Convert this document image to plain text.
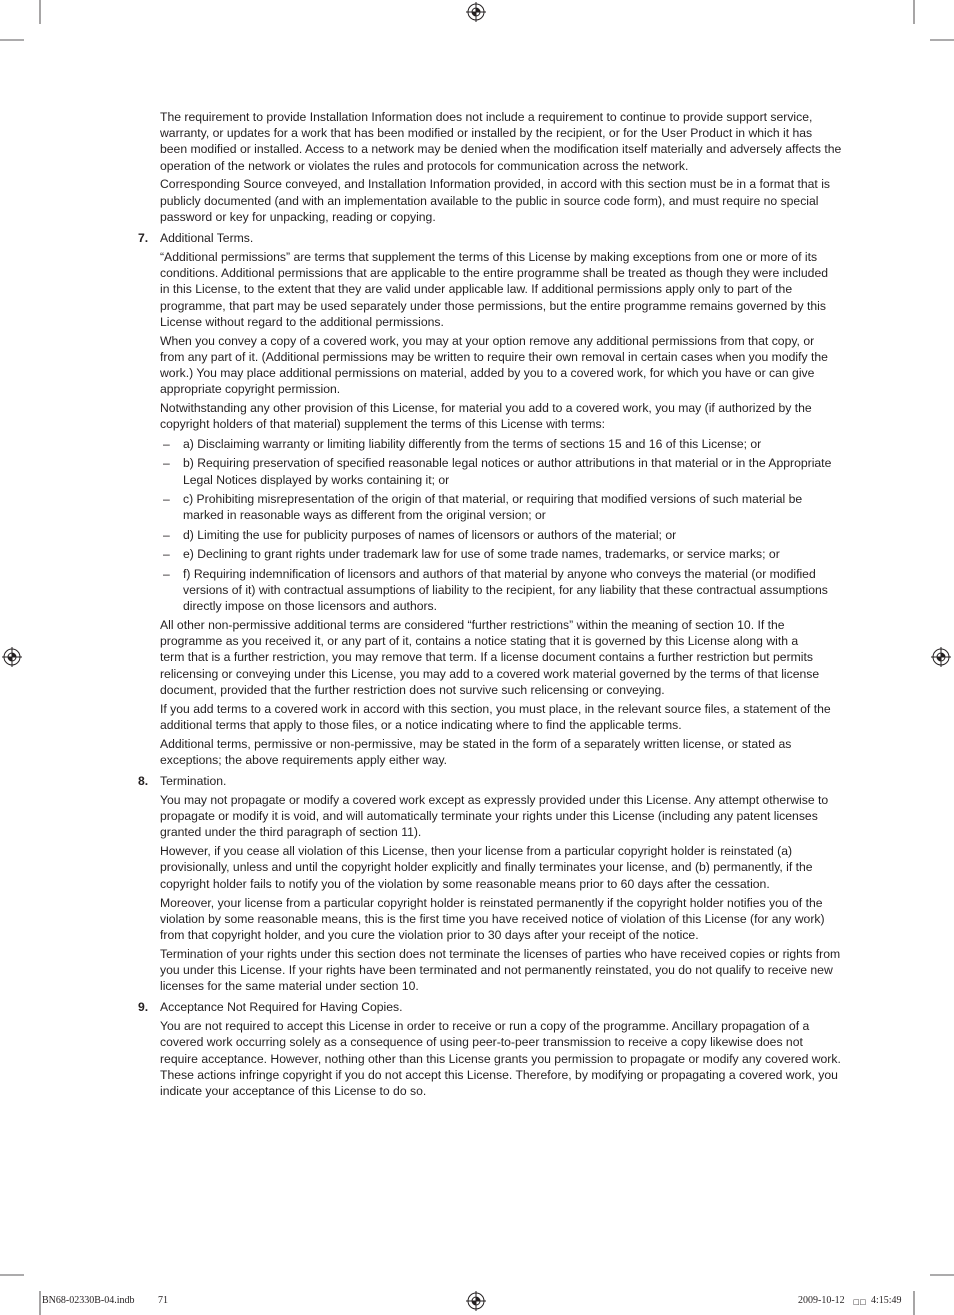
The requirement to provide Installation Information does not include a requirement to continue to provide support service,
warranty, or updates for a work that has been modified or installed by the recipient, or for the User Product in which it has
been modified or installed. Access to a network may be denied when the modification itself materially and adversely affects the
operation of the network or violates the rules and protocols for communication across the network.

Corresponding Source conveyed, and Installation Information provided, in accord with this section must be in a format that is
publicly documented (and with an implementation available to the public in source code form), and must require no special
password or key for unpacking, reading or copying.

7. Additional Terms.

“Additional permissions” are terms that supplement the terms of this License by making exceptions from one or more of its
conditions. Additional permissions that are applicable to the entire programme shall be treated as though they were included
in this License, to the extent that they are valid under applicable law. If additional permissions apply only to part of the
programme, that part may be used separately under those permissions, but the entire programme remains governed by this
License without regard to the additional permissions.

When you convey a copy of a covered work, you may at your option remove any additional permissions from that copy, or
from any part of it. (Additional permissions may be written to require their own removal in certain cases when you modify the
work.) You may place additional permissions on material, added by you to a covered work, for which you have or can give
appropriate copyright permission.

Notwithstanding any other provision of this License, for material you add to a covered work, you may (if authorized by the
copyright holders of that material) supplement the terms of this License with terms:

– a) Disclaiming warranty or limiting liability differently from the terms of sections 15 and 16 of this License; or
– b) Requiring preservation of specified reasonable legal notices or author attributions in that material or in the Appropriate
Legal Notices displayed by works containing it; or
– c) Prohibiting misrepresentation of the origin of that material, or requiring that modified versions of such material be
marked in reasonable ways as different from the original version; or
– d) Limiting the use for publicity purposes of names of licensors or authors of the material; or
– e) Declining to grant rights under trademark law for use of some trade names, trademarks, or service marks; or
– f) Requiring indemnification of licensors and authors of that material by anyone who conveys the material (or modified
versions of it) with contractual assumptions of liability to the recipient, for any liability that these contractual assumptions
directly impose on those licensors and authors.

All other non-permissive additional terms are considered “further restrictions” within the meaning of section 10. If the
programme as you received it, or any part of it, contains a notice stating that it is governed by this License along with a
term that is a further restriction, you may remove that term. If a license document contains a further restriction but permits
relicensing or conveying under this License, you may add to a covered work material governed by the terms of that license
document, provided that the further restriction does not survive such relicensing or conveying.

If you add terms to a covered work in accord with this section, you must place, in the relevant source files, a statement of the
additional terms that apply to those files, or a notice indicating where to find the applicable terms.

Additional terms, permissive or non-permissive, may be stated in the form of a separately written license, or stated as
exceptions; the above requirements apply either way.

8. Termination.

You may not propagate or modify a covered work except as expressly provided under this License. Any attempt otherwise to
propagate or modify it is void, and will automatically terminate your rights under this License (including any patent licenses
granted under the third paragraph of section 11).

However, if you cease all violation of this License, then your license from a particular copyright holder is reinstated (a)
provisionally, unless and until the copyright holder explicitly and finally terminates your license, and (b) permanently, if the
copyright holder fails to notify you of the violation by some reasonable means prior to 60 days after the cessation.

Moreover, your license from a particular copyright holder is reinstated permanently if the copyright holder notifies you of the
violation by some reasonable means, this is the first time you have received notice of violation of this License (for any work)
from that copyright holder, and you cure the violation prior to 30 days after your receipt of the notice.

Termination of your rights under this section does not terminate the licenses of parties who have received copies or rights from
you under this License. If your rights have been terminated and not permanently reinstated, you do not qualify to receive new
licenses for the same material under section 10.

9. Acceptance Not Required for Having Copies.

You are not required to accept this License in order to receive or run a copy of the programme. Ancillary propagation of a
covered work occurring solely as a consequence of using peer-to-peer transmission to receive a copy likewise does not
require acceptance. However, nothing other than this License grants you permission to propagate or modify any covered work.
These actions infringe copyright if you do not accept this License. Therefore, by modifying or propagating a covered work, you
indicate your acceptance of this License to do so.

BN68-02330B-04.indb 71	2009-10-12 □□ 4:15:49
